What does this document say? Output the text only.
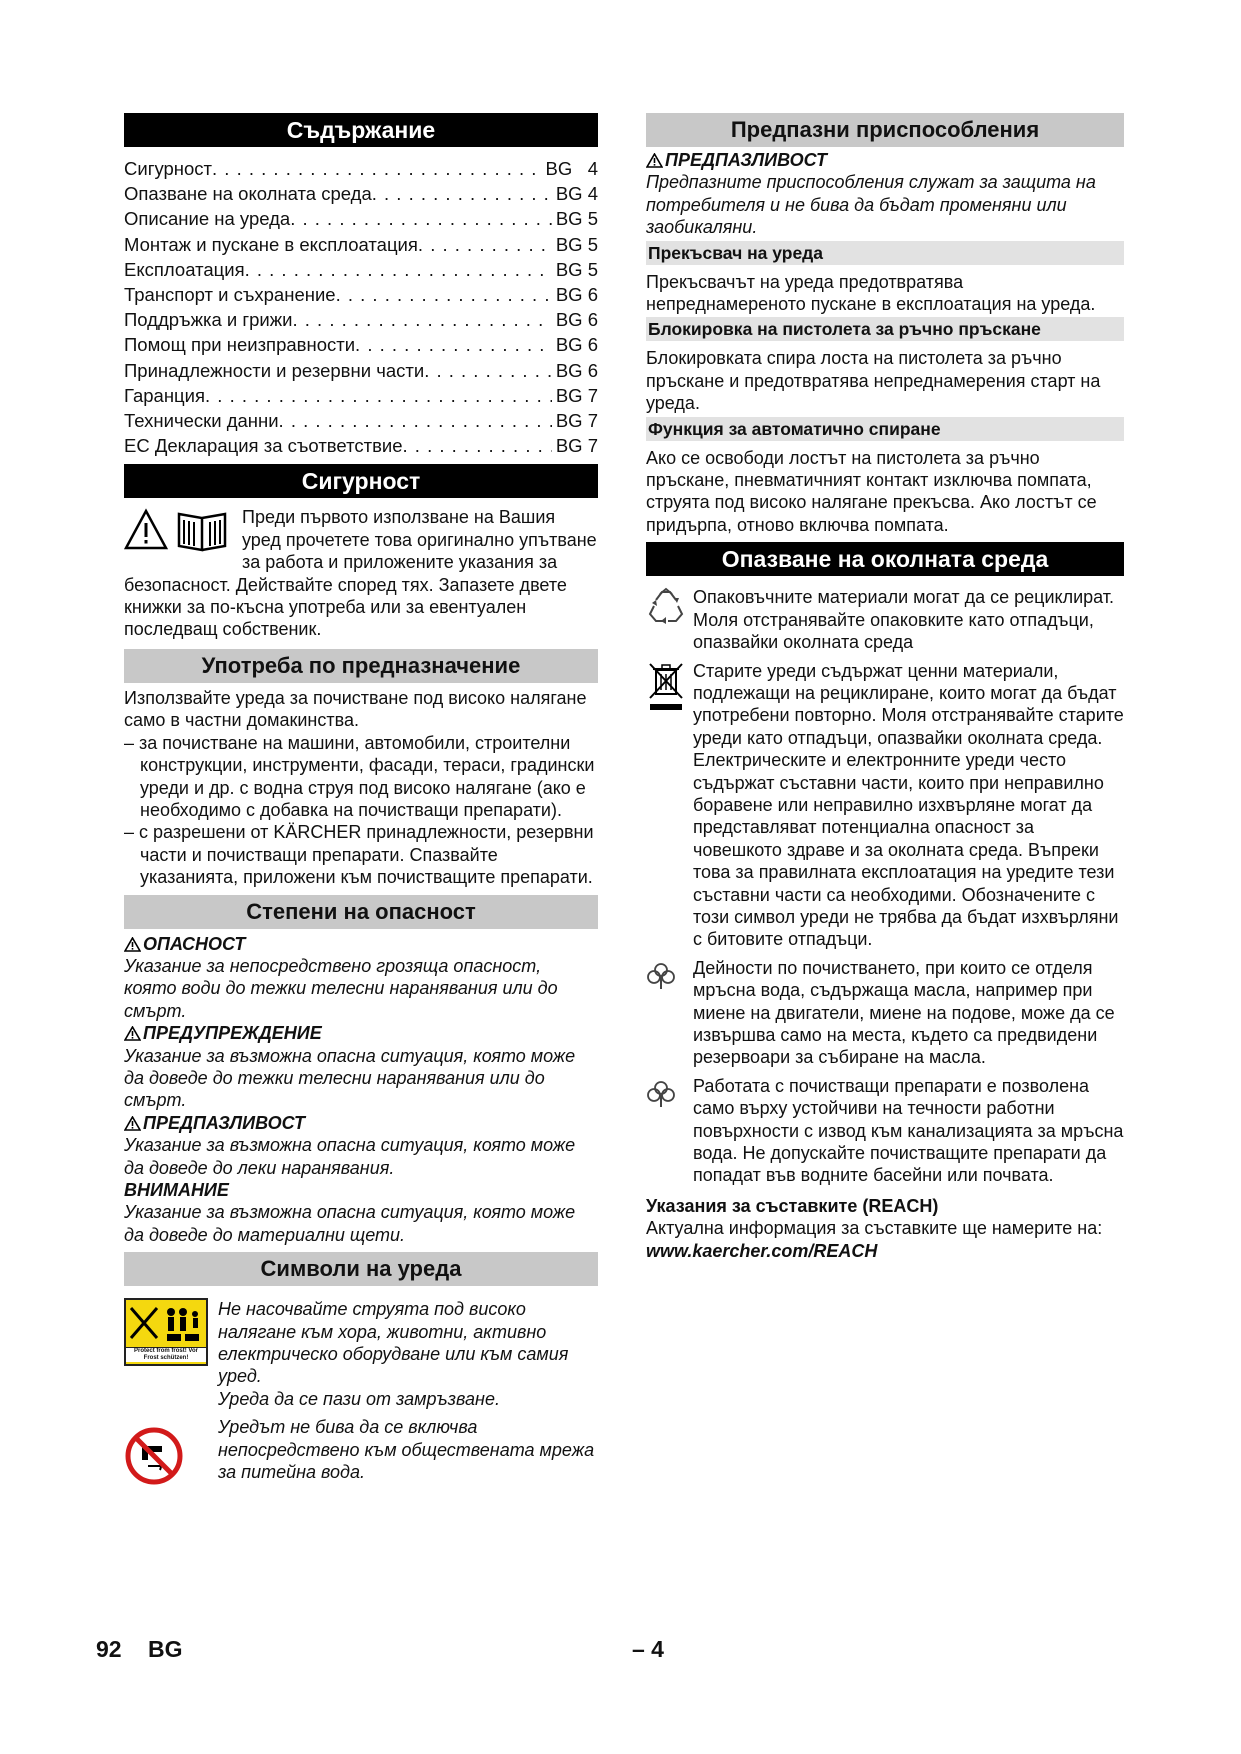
Съдържание
Сигурност . . .	BG   4
Опазване на околната среда . . .	BG 4
Описание на уреда . . .	BG 5
Монтаж и пускане в експлоатация . . .	BG 5
Експлоатация . . .	BG 5
Транспорт и съхранение . . .	BG 6
Поддръжка и грижи . . .	BG 6
Помощ при неизправности . . .	BG 6
Принадлежности и резервни части . . .	BG 6
Гаранция . . .	BG 7
Технически данни . . .	BG 7
ЕС Декларация за съответствие . . .	BG 7
Сигурност
Преди първото използване на Вашия уред прочетете това оригинално упътване за работа и приложените указания за безопасност. Действайте според тях. Запазете двете книжки за по-късна употреба или за евентуален последващ собственик.
Употреба по предназначение
Използвайте уреда за почистване под високо налягане само в частни домакинства.
– за почистване на машини, автомобили, строителни конструкции, инструменти, фасади, тераси, градински уреди и др. с водна струя под високо налягане (ако е необходимо с добавка на почистващи препарати).
– с разрешени от KÄRCHER принадлежности, резервни части и почистващи препарати. Спазвайте указанията, приложени към почистващите препарати.
Степени на опасност
ОПАСНОСТ
Указание за непосредствено грозяща опасност, която води до тежки телесни наранявания или до смърт.
ПРЕДУПРЕЖДЕНИЕ
Указание за възможна опасна ситуация, която може да доведе до тежки телесни наранявания или до смърт.
ПРЕДПАЗЛИВОСТ
Указание за възможна опасна ситуация, която може да доведе до леки наранявания.
ВНИМАНИЕ
Указание за възможна опасна ситуация, която може да доведе до материални щети.
Символи на уреда
Protect from frost! Vor Frost schützen!
Не насочвайте струята под високо налягане към хора, животни, активно електрическо оборудване или към самия уред.
Уреда да се пази от замръзване.
Уредът не бива да се включва непосредствено към обществената мрежа за питейна вода.
Предпазни приспособления
ПРЕДПАЗЛИВОСТ
Предпазните приспособления служат за защита на потребителя и не бива да бъдат променяни или заобикаляни.
Прекъсвач на уреда
Прекъсвачът на уреда предотвратява непреднамереното пускане в експлоатация на уреда.
Блокировка на пистолета за ръчно пръскане
Блокировката спира лоста на пистолета за ръчно пръскане и предотвратява непреднамерения старт на уреда.
Функция за автоматично спиране
Ако се освободи лостът на пистолета за ръчно пръскане, пневматичният контакт изключва помпата, струята под високо налягане прекъсва. Ако лостът се придърпа, отново включва помпата.
Опазване на околната среда
Опаковъчните материали могат да се рециклират. Моля отстранявайте опаковките като отпадъци, опазвайки околната среда
Старите уреди съдържат ценни материали, подлежащи на рециклиране, които могат да бъдат употребени повторно. Моля отстранявайте старите уреди като отпадъци, опазвайки околната среда.
Електрическите и електронните уреди често съдържат съставни части, които при неправилно боравене или неправилно изхвърляне могат да представляват потенциална опасност за човешкото здраве и за околната среда. Въпреки това за правилната експлоатация на уредите тези съставни части са необходими. Обозначените с този символ уреди не трябва да бъдат изхвърляни с битовите отпадъци.
Дейности по почистването, при които се отделя мръсна вода, съдържаща масла, например при миене на двигатели, миене на подове, може да се извършва само на места, където са предвидени резервоари за събиране на масла.
Работата с почистващи препарати е позволена само върху устойчиви на течности работни повърхности с извод към канализацията за мръсна вода. Не допускайте почистващите препарати да попадат във водните басейни или почвата.
Указания за съставките (REACH)
Актуална информация за съставките ще намерите на:
www.kaercher.com/REACH
92 BG	– 4
